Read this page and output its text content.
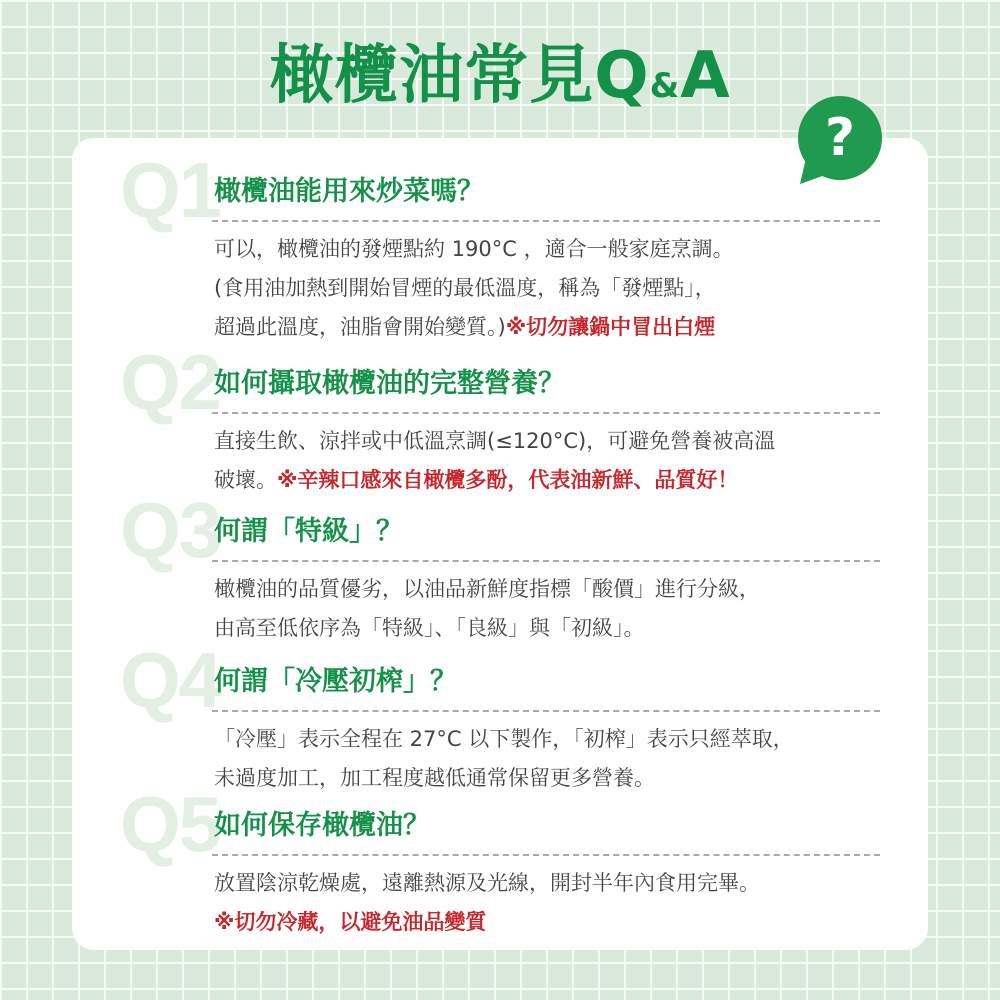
橄欖油常見Q&A
?
Q1
橄欖油能用來炒菜嗎？

可以，橄欖油的發煙點約 190°C ，適合一般家庭烹調。

(食用油加熱到開始冒煙的最低溫度，稱為「發煙點」，

超過此溫度，油脂會開始變質。)※切勿讓鍋中冒出白煙

Q2
如何攝取橄欖油的完整營養？

直接生飲、涼拌或中低溫烹調(≤120°C)，可避免營養被高溫

破壞。※辛辣口感來自橄欖多酚，代表油新鮮、品質好！

Q3
何謂「特級」？

橄欖油的品質優劣，以油品新鮮度指標「酸價」進行分級，

由高至低依序為「特級」、「良級」與「初級」。

Q4
何謂「冷壓初榨」？

「冷壓」表示全程在 27°C 以下製作，「初榨」表示只經萃取，

未過度加工，加工程度越低通常保留更多營養。

Q5
如何保存橄欖油？

放置陰涼乾燥處，遠離熱源及光線，開封半年內食用完畢。

※切勿冷藏，以避免油品變質
